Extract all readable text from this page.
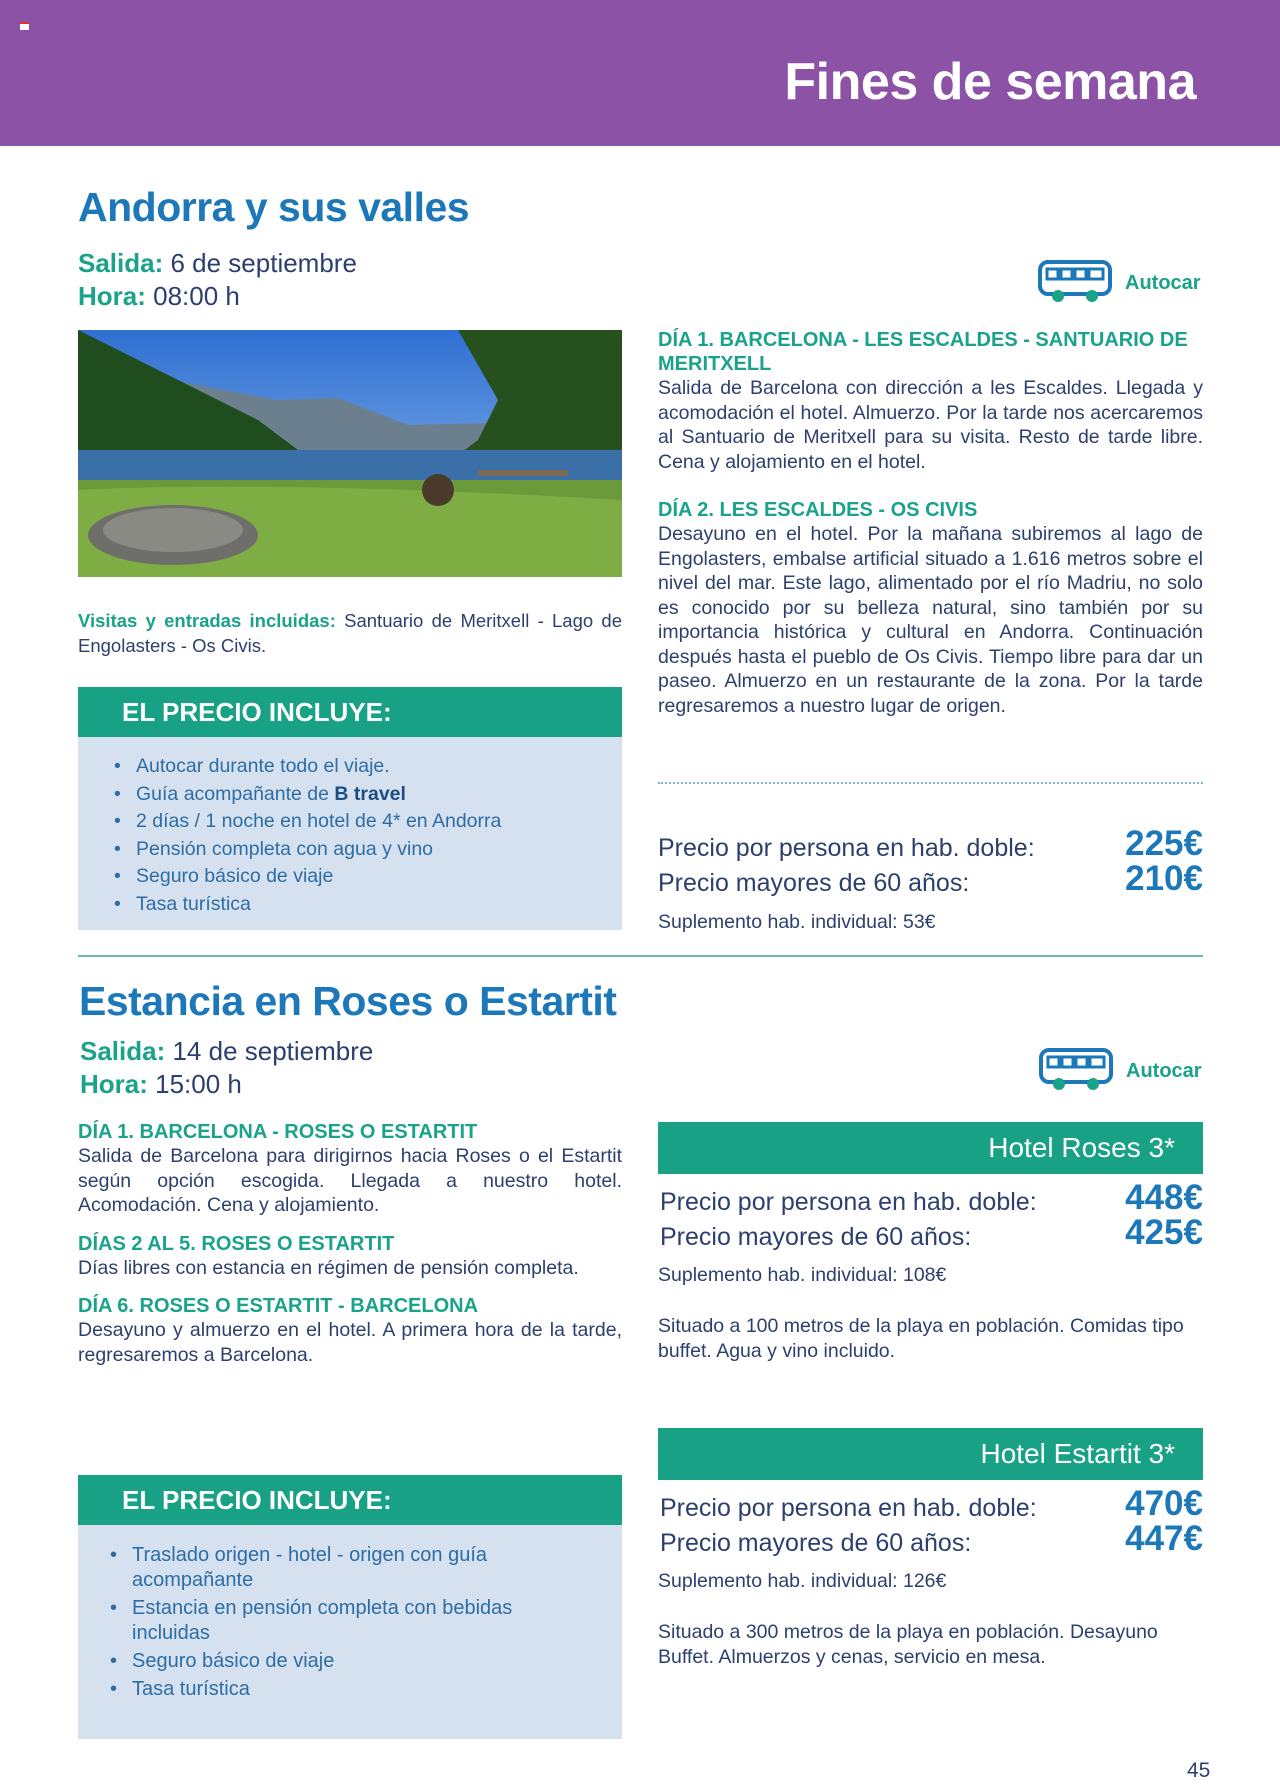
Fines de semana
Andorra y sus valles
Salida: 6 de septiembre
Hora: 08:00 h	Autocar
Visitas y entradas incluidas: Santuario de Meritxell - Lago de Engolasters - Os Civis.
EL PRECIO INCLUYE:
• Autocar durante todo el viaje.
• Guía acompañante de B travel
• 2 días / 1 noche en hotel de 4* en Andorra
• Pensión completa con agua y vino
• Seguro básico de viaje
• Tasa turística
DÍA 1. BARCELONA - LES ESCALDES - SANTUARIO DE MERITXELL
Salida de Barcelona con dirección a les Escaldes. Llegada y acomodación el hotel. Almuerzo. Por la tarde nos acercaremos al Santuario de Meritxell para su visita. Resto de tarde libre. Cena y alojamiento en el hotel.
DÍA 2. LES ESCALDES - OS CIVIS
Desayuno en el hotel. Por la mañana subiremos al lago de Engolasters, embalse artificial situado a 1.616 metros sobre el nivel del mar. Este lago, alimentado por el río Madriu, no solo es conocido por su belleza natural, sino también por su importancia histórica y cultural en Andorra. Continuación después hasta el pueblo de Os Civis. Tiempo libre para dar un paseo. Almuerzo en un restaurante de la zona. Por la tarde regresaremos a nuestro lugar de origen.
Precio por persona en hab. doble:	225€
Precio mayores de 60 años:	210€
Suplemento hab. individual: 53€
Estancia en Roses o Estartit
Salida: 14 de septiembre
Hora: 15:00 h	Autocar
DÍA 1. BARCELONA - ROSES O ESTARTIT
Salida de Barcelona para dirigirnos hacia Roses o el Estartit según opción escogida. Llegada a nuestro hotel. Acomodación. Cena y alojamiento.
DÍAS 2 AL 5. ROSES O ESTARTIT
Días libres con estancia en régimen de pensión completa.
DÍA 6. ROSES O ESTARTIT - BARCELONA
Desayuno y almuerzo en el hotel. A primera hora de la tarde, regresaremos a Barcelona.
EL PRECIO INCLUYE:
• Traslado origen - hotel - origen con guía acompañante
• Estancia en pensión completa con bebidas incluidas
• Seguro básico de viaje
• Tasa turística
Hotel Roses 3*
Precio por persona en hab. doble:	448€
Precio mayores de 60 años:	425€
Suplemento hab. individual: 108€
Situado a 100 metros de la playa en población. Comidas tipo buffet. Agua y vino incluido.
Hotel Estartit 3*
Precio por persona en hab. doble:	470€
Precio mayores de 60 años:	447€
Suplemento hab. individual: 126€
Situado a 300 metros de la playa en población. Desayuno Buffet. Almuerzos y cenas, servicio en mesa.
45
